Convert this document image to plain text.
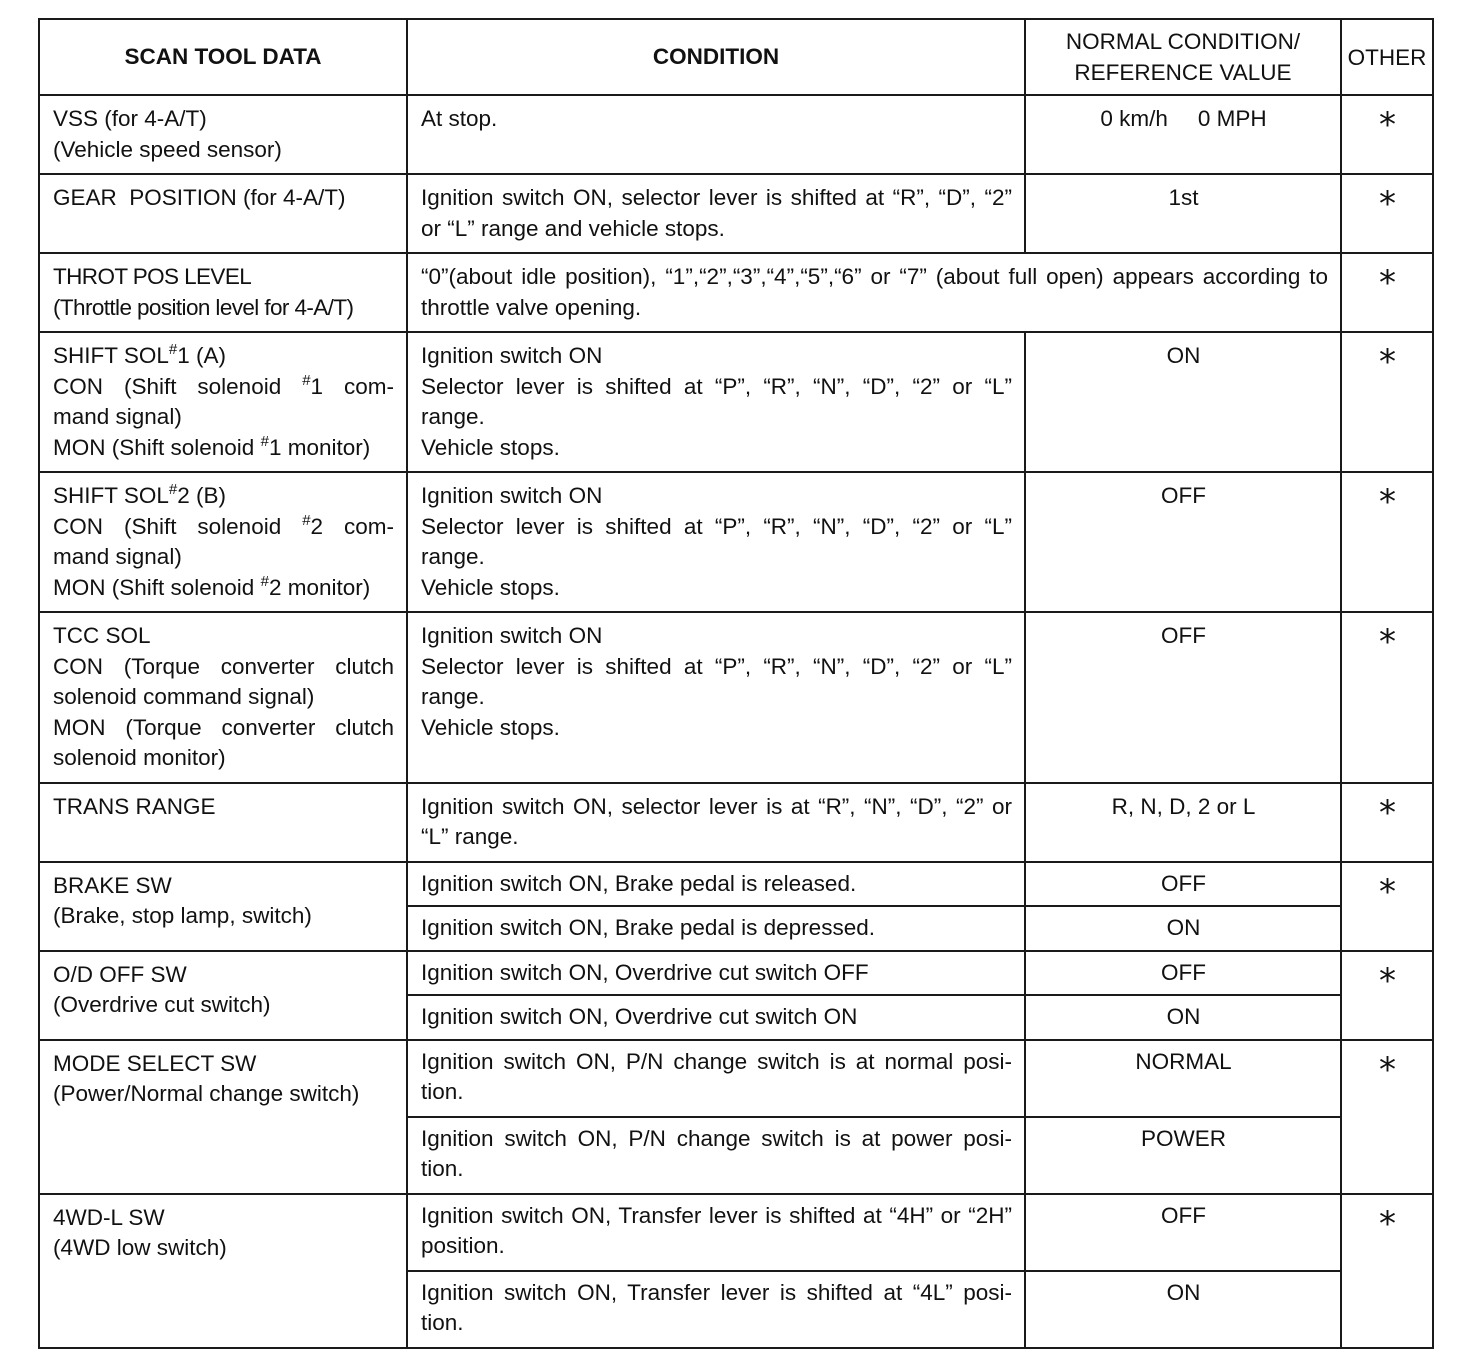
SCAN TOOL DATA	CONDITION	NORMAL CONDITION/
REFERENCE VALUE	OTHER

VSS (for 4-A/T)
(Vehicle speed sensor)	At stop.	0 km/h 0 MPH	*

GEAR  POSITION (for 4-A/T)	Ignition switch ON, selector lever is shifted at “R”, “D”, “2” or “L” range and vehicle stops.	1st	*

THROT POS LEVEL
(Throttle position level for 4-A/T)	“0”(about idle position), “1”,“2”,“3”,“4”,“5”,“6” or “7” (about full open) appears according to throttle valve opening.		*

SHIFT SOL#1 (A)
CON (Shift solenoid #1 com-
mand signal)
MON (Shift solenoid #1 monitor)	Ignition switch ON
Selector lever is shifted at “P”, “R”, “N”, “D”, “2” or “L”
range.
Vehicle stops.	ON	*

SHIFT SOL#2 (B)
CON (Shift solenoid #2 com-
mand signal)
MON (Shift solenoid #2 monitor)	Ignition switch ON
Selector lever is shifted at “P”, “R”, “N”, “D”, “2” or “L”
range.
Vehicle stops.	OFF	*

TCC SOL
CON (Torque converter clutch
solenoid command signal)
MON (Torque converter clutch
solenoid monitor)	Ignition switch ON
Selector lever is shifted at “P”, “R”, “N”, “D”, “2” or “L”
range.
Vehicle stops.	OFF	*

TRANS RANGE	Ignition switch ON, selector lever is at “R”, “N”, “D”, “2” or “L” range.	R, N, D, 2 or L	*

BRAKE SW
(Brake, stop lamp, switch)	Ignition switch ON, Brake pedal is released.	OFF	*
	Ignition switch ON, Brake pedal is depressed.	ON	

O/D OFF SW
(Overdrive cut switch)	Ignition switch ON, Overdrive cut switch OFF	OFF	*
	Ignition switch ON, Overdrive cut switch ON	ON	

MODE SELECT SW
(Power/Normal change switch)	Ignition switch ON, P/N change switch is at normal posi- tion.	NORMAL	*
	Ignition switch ON, P/N change switch is at power posi- tion.	POWER	

4WD-L SW
(4WD low switch)	Ignition switch ON, Transfer lever is shifted at “4H” or “2H” position.	OFF	*
	Ignition switch ON, Transfer lever is shifted at “4L” posi- tion.	ON	
